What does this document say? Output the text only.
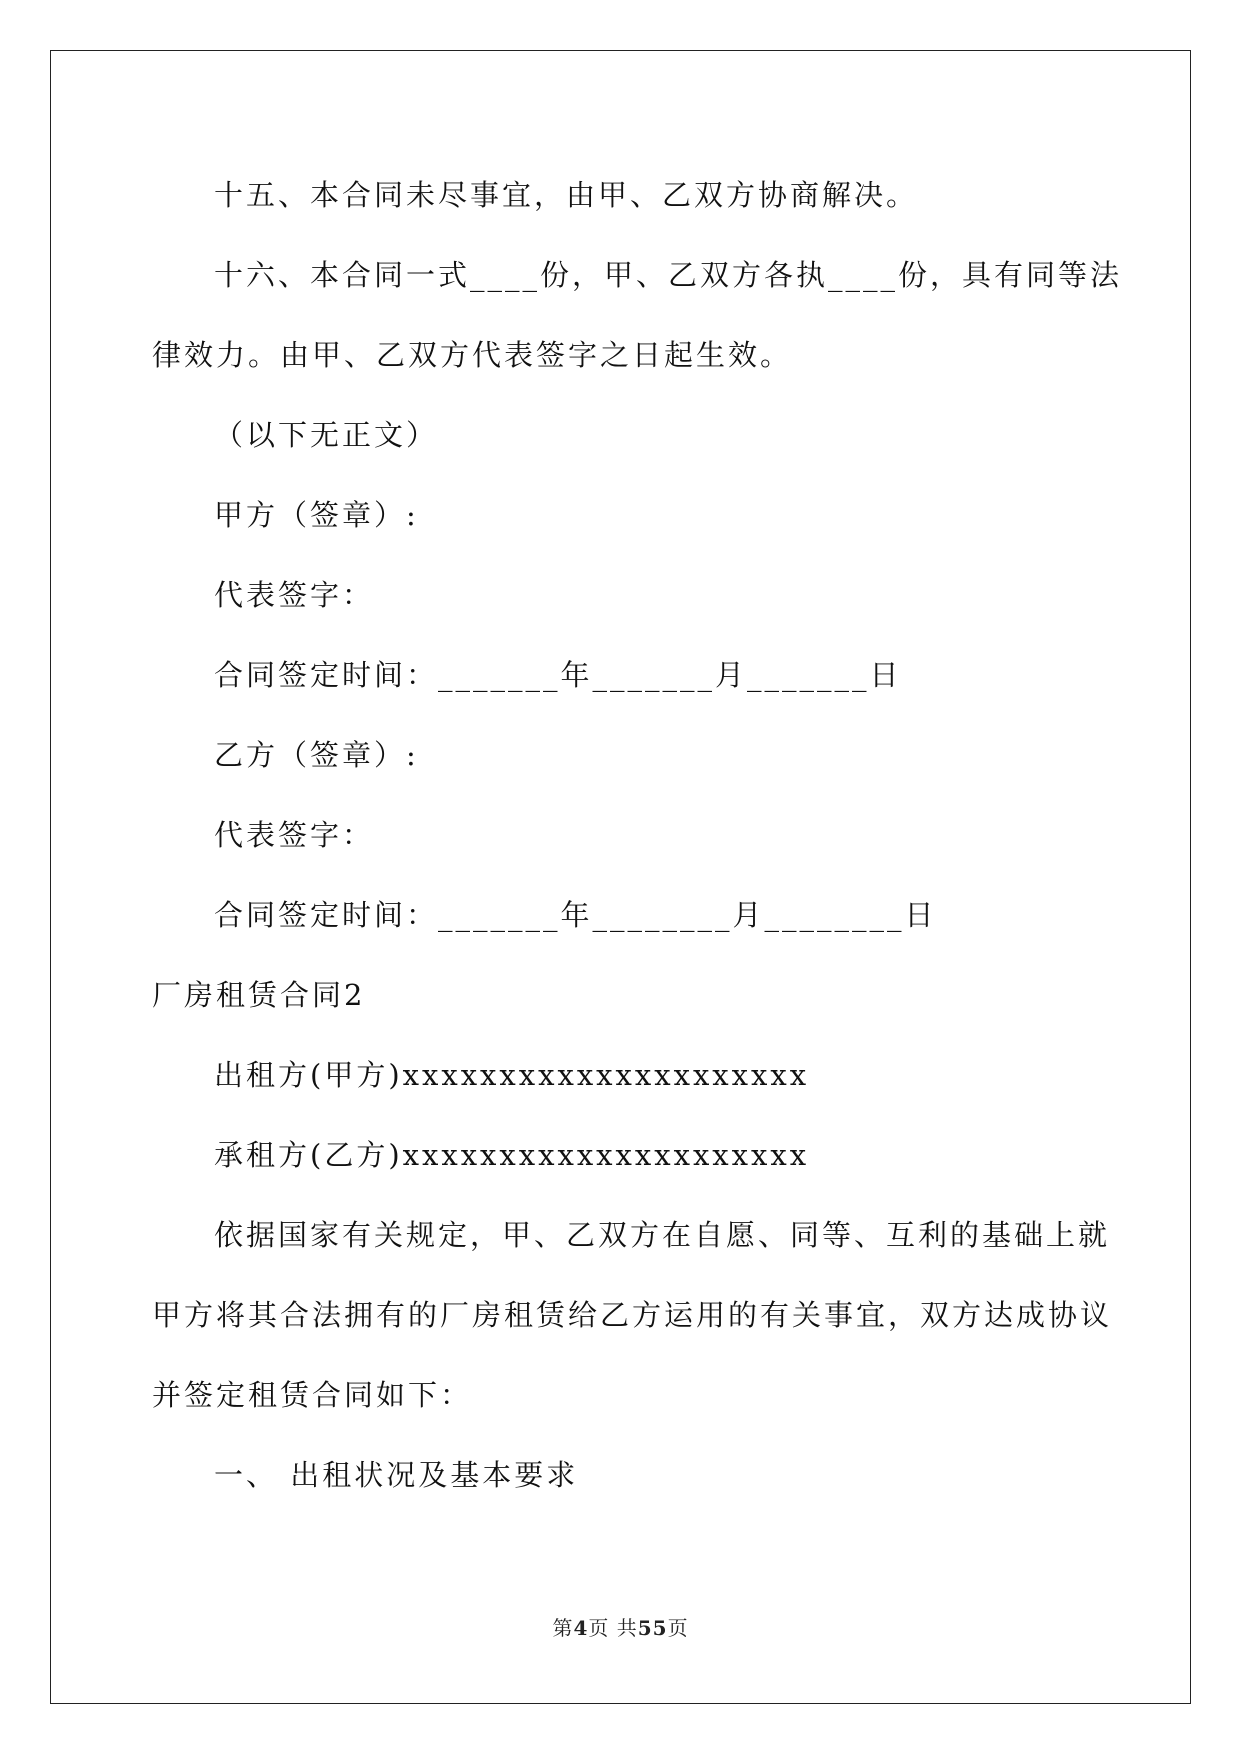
十五、本合同未尽事宜，由甲、乙双方协商解决。
十六、本合同一式____份，甲、乙双方各执____份，具有同等法
律效力。由甲、乙双方代表签字之日起生效。
（以下无正文）
甲方（签章）:
代表签字：
合同签定时间：_______年_______月_______日
乙方（签章）:
代表签字：
合同签定时间：_______年________月________日
厂房租赁合同2
出租方(甲方)xxxxxxxxxxxxxxxxxxxxx
承租方(乙方)xxxxxxxxxxxxxxxxxxxxx
依据国家有关规定，甲、乙双方在自愿、同等、互利的基础上就
甲方将其合法拥有的厂房租赁给乙方运用的有关事宜，双方达成协议
并签定租赁合同如下：
一、 出租状况及基本要求
第4页 共55页
